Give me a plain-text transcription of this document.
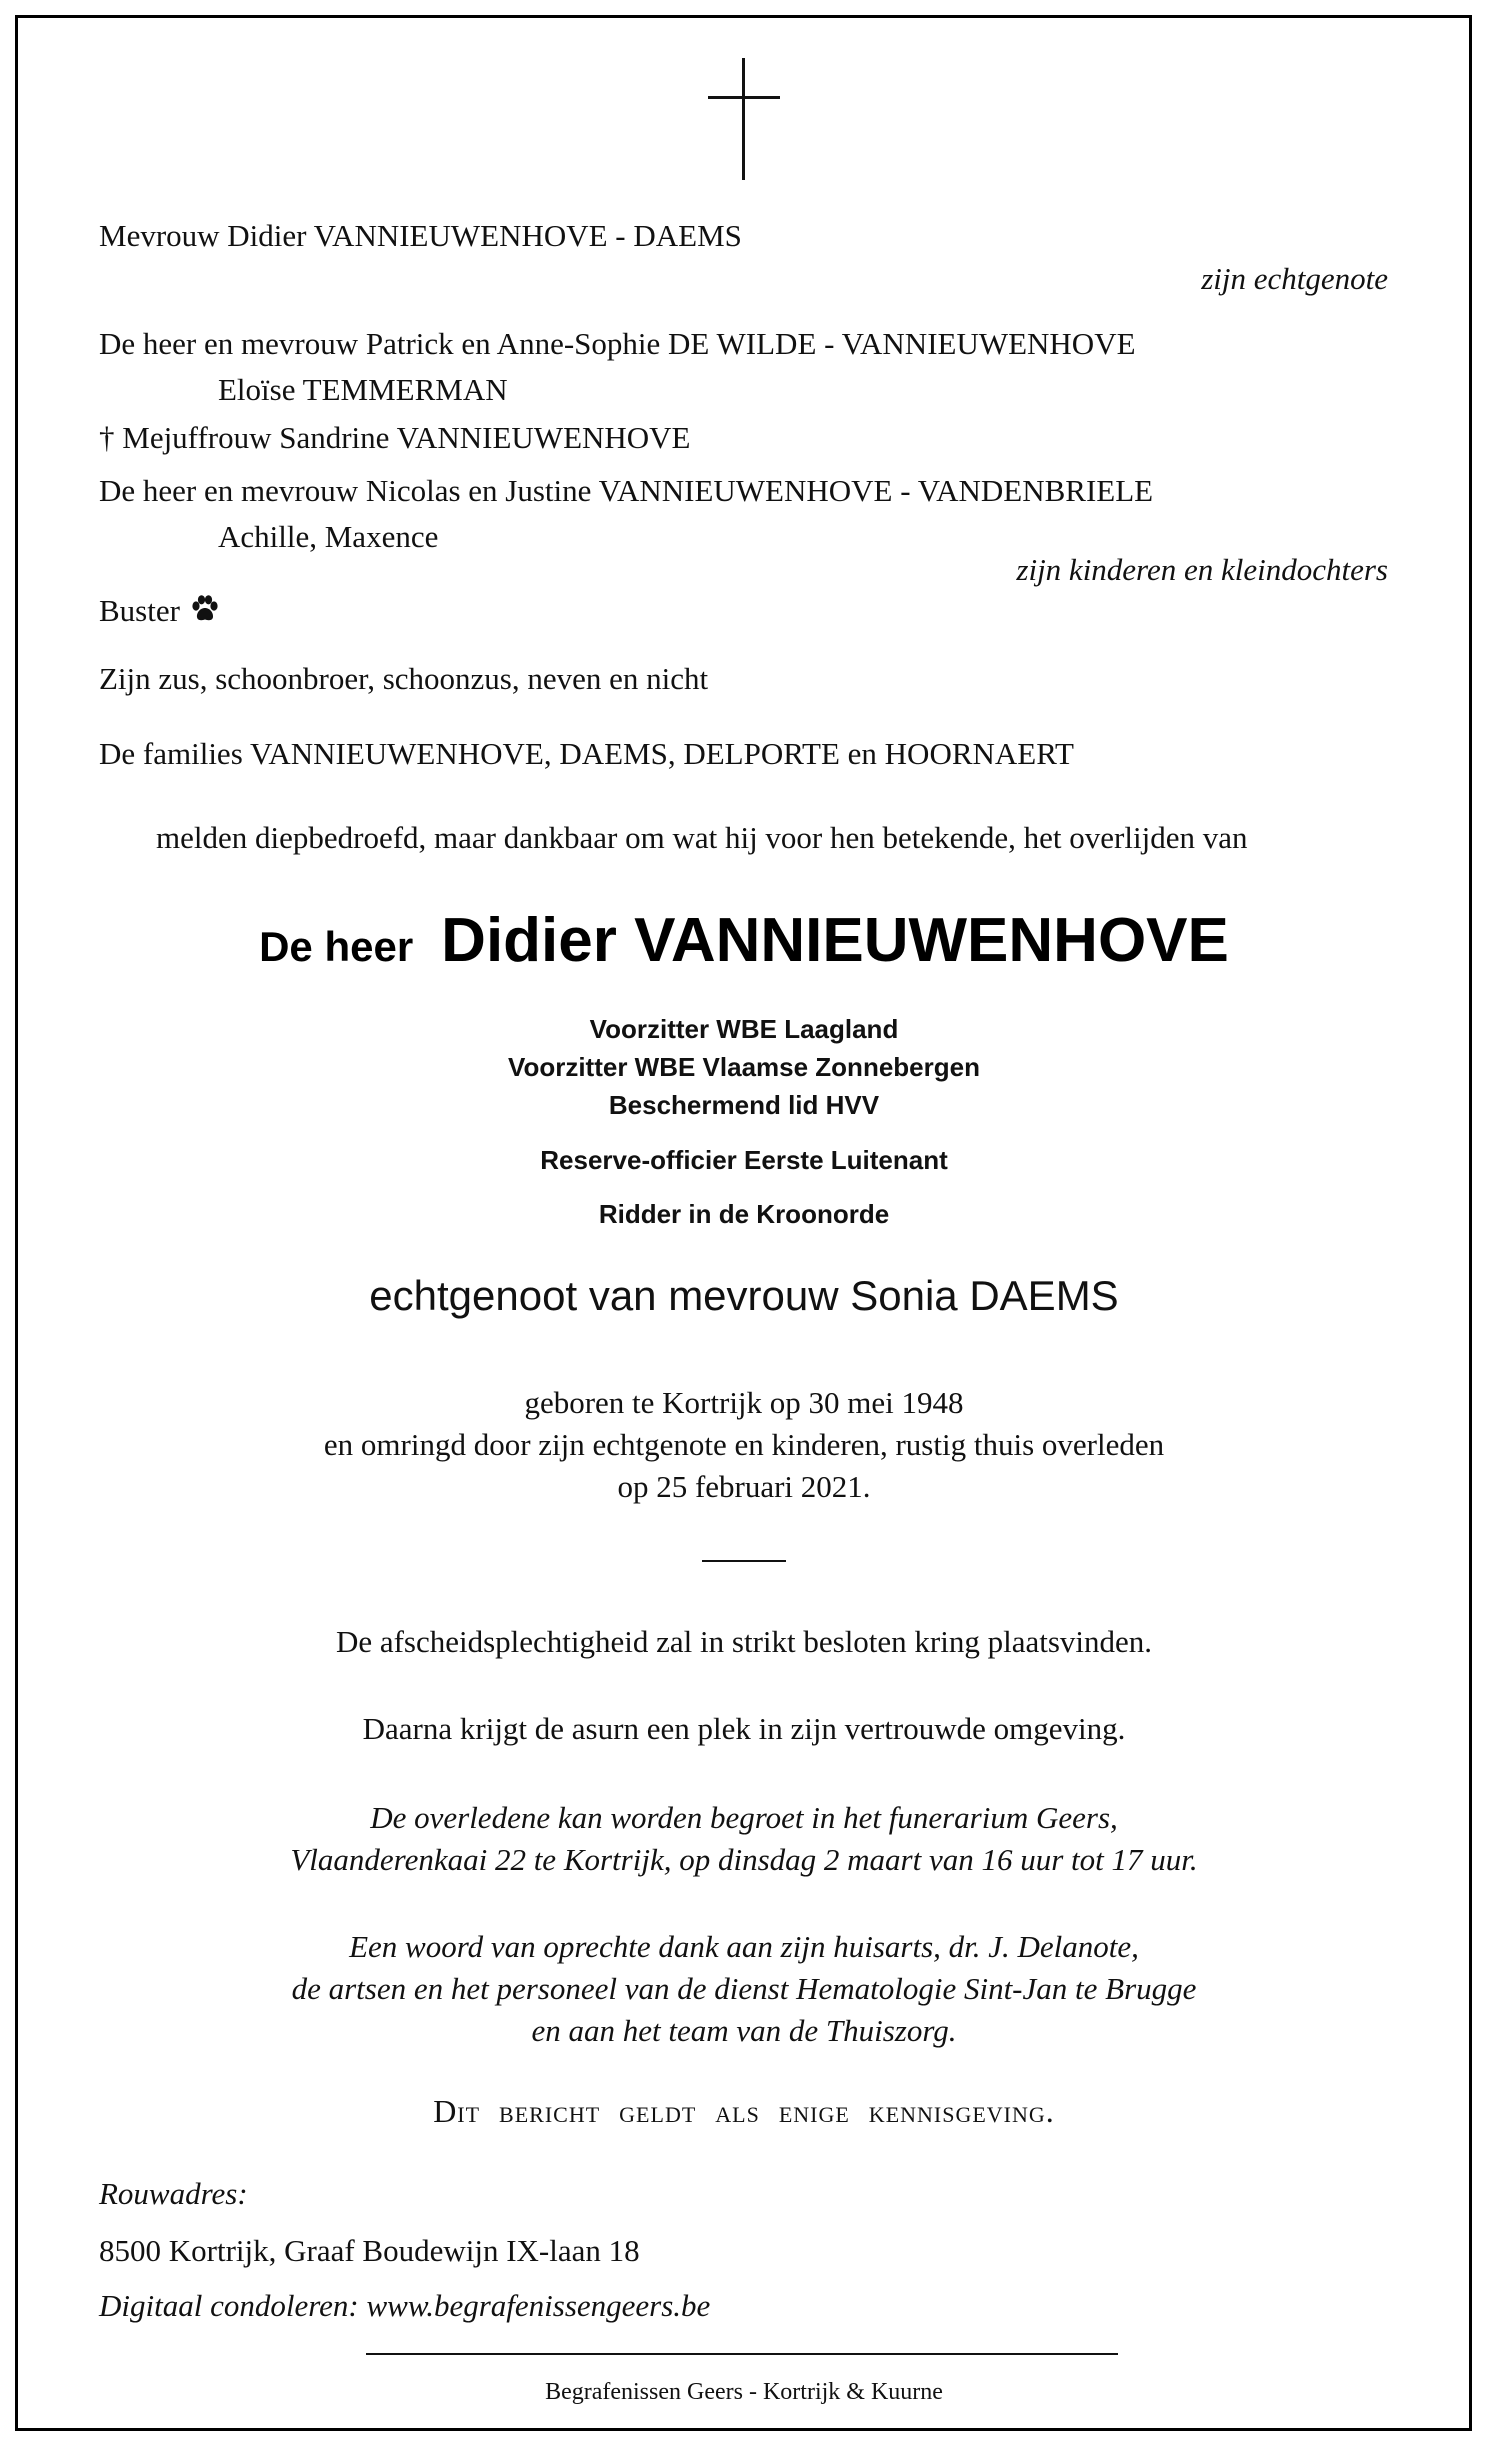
Mevrouw Didier VANNIEUWENHOVE - DAEMS
zijn echtgenote
De heer en mevrouw Patrick en Anne-Sophie DE WILDE - VANNIEUWENHOVE
Eloïse TEMMERMAN
† Mejuffrouw Sandrine VANNIEUWENHOVE
De heer en mevrouw Nicolas en Justine VANNIEUWENHOVE - VANDENBRIELE
Achille, Maxence
zijn kinderen en kleindochters
Buster
Zijn zus, schoonbroer, schoonzus, neven en nicht
De families VANNIEUWENHOVE, DAEMS, DELPORTE en HOORNAERT
melden diepbedroefd, maar dankbaar om wat hij voor hen betekende, het overlijden van
De heer Didier VANNIEUWENHOVE
Voorzitter WBE Laagland
Voorzitter WBE Vlaamse Zonnebergen
Beschermend lid HVV
Reserve-officier Eerste Luitenant
Ridder in de Kroonorde
echtgenoot van mevrouw Sonia DAEMS
geboren te Kortrijk op 30 mei 1948
en omringd door zijn echtgenote en kinderen, rustig thuis overleden
op 25 februari 2021.
De afscheidsplechtigheid zal in strikt besloten kring plaatsvinden.
Daarna krijgt de asurn een plek in zijn vertrouwde omgeving.
De overledene kan worden begroet in het funerarium Geers,
Vlaanderenkaai 22 te Kortrijk, op dinsdag 2 maart van 16 uur tot 17 uur.
Een woord van oprechte dank aan zijn huisarts, dr. J. Delanote,
de artsen en het personeel van de dienst Hematologie Sint-Jan te Brugge
en aan het team van de Thuiszorg.
Dit bericht geldt als enige kennisgeving.
Rouwadres:
8500 Kortrijk, Graaf Boudewijn IX-laan 18
Digitaal condoleren: www.begrafenissengeers.be
Begrafenissen Geers - Kortrijk & Kuurne
